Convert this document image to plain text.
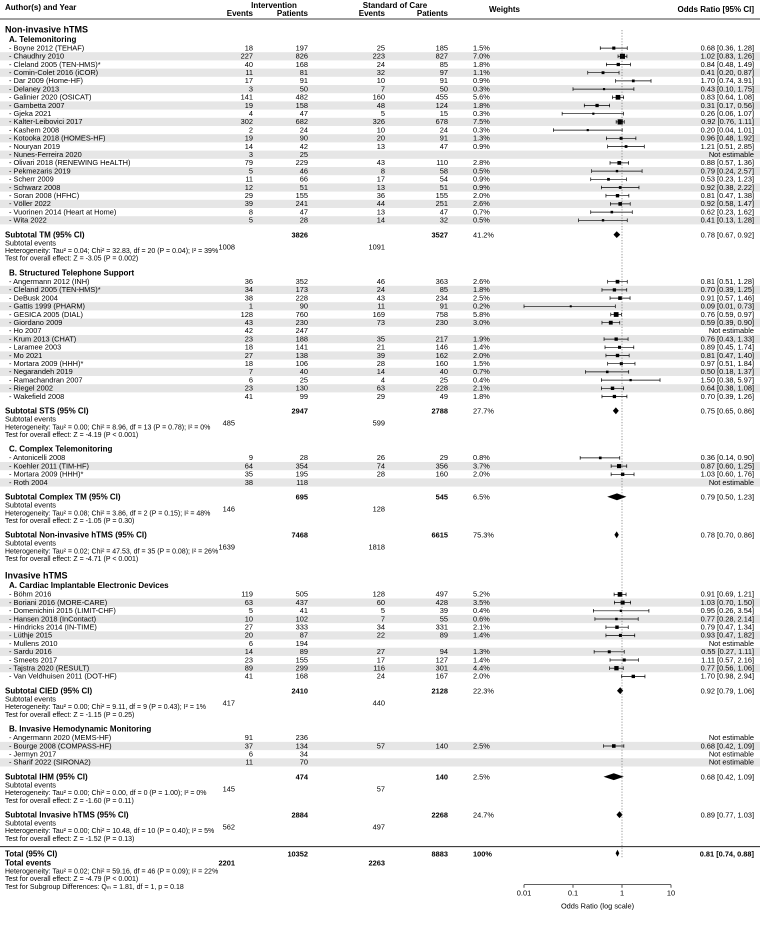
Author(s) and Year	Intervention	Standard of Care
Events	Patients	Events	Patients	Weights	Odds Ratio [95% CI]
Non-invasive hTMS
A. Telemonitoring
- Boyne 2012 (TEHAF)	18	197	25	185	1.5%	0.68 [0.36, 1.28]
- Chaudhry 2010	227	826	223	827	7.0%	1.02 [0.83, 1.26]
- Cleland 2005 (TEN-HMS)*	40	168	24	85	1.8%	0.84 [0.48, 1.49]
- Comin-Colet 2016 (iCOR)	11	81	32	97	1.1%	0.41 [0.20, 0.87]
- Dar 2009 (Home-HF)	17	91	10	91	0.9%	1.70 [0.74, 3.91]
- Delaney 2013	3	50	7	50	0.3%	0.43 [0.10, 1.75]
- Galinier 2020 (OSICAT)	141	482	160	455	5.6%	0.83 [0.64, 1.08]
- Gambetta 2007	19	158	48	124	1.8%	0.31 [0.17, 0.56]
- Gjeka 2021	4	47	5	15	0.3%	0.26 [0.06, 1.07]
- Kalter-Leibovici 2017	302	682	326	678	7.5%	0.92 [0.76, 1.11]
- Kashem 2008	2	24	10	24	0.3%	0.20 [0.04, 1.01]
- Kotooka 2018 (HOMES-HF)	19	90	20	91	1.3%	0.96 [0.48, 1.92]
- Nouryan 2019	14	42	13	47	0.9%	1.21 [0.51, 2.85]
- Nunes-Ferreira 2020	3	25	Not estimable
- Olivari 2018 (RENEWING HeALTH)	79	229	43	110	2.8%	0.88 [0.57, 1.36]
- Pekmezaris 2019	5	46	8	58	0.5%	0.79 [0.24, 2.57]
- Scherr 2009	11	66	17	54	0.9%	0.53 [0.23, 1.23]
- Schwarz 2008	12	51	13	51	0.9%	0.92 [0.38, 2.22]
- Soran 2008 (HFHC)	29	155	36	155	2.0%	0.81 [0.47, 1.38]
- Völler 2022	39	241	44	251	2.6%	0.92 [0.58, 1.47]
- Vuorinen 2014 (Heart at Home)	8	47	13	47	0.7%	0.62 [0.23, 1.62]
- Wita 2022	5	28	14	32	0.5%	0.41 [0.13, 1.28]
Subtotal TM (95% CI)	3826	3527	41.2%	0.78 [0.67, 0.92]
Subtotal events	1008	1091
Heterogeneity: Tau² = 0.04; Chi² = 32.83, df = 20 (P = 0.04); I² = 39%
Test for overall effect: Z = -3.05 (P = 0.002)
B. Structured Telephone Support
- Angermann 2012 (INH)	36	352	46	363	2.6%	0.81 [0.51, 1.28]
- Cleland 2005 (TEN-HMS)*	34	173	24	85	1.8%	0.70 [0.39, 1.25]
- DeBusk 2004	38	228	43	234	2.5%	0.91 [0.57, 1.46]
- Gattis 1999 (PHARM)	1	90	11	91	0.2%	0.09 [0.01, 0.73]
- GESICA 2005 (DIAL)	128	760	169	758	5.8%	0.76 [0.59, 0.97]
- Giordano 2009	43	230	73	230	3.0%	0.59 [0.39, 0.90]
- Ho 2007	42	247	Not estimable
- Krum 2013 (CHAT)	23	188	35	217	1.9%	0.76 [0.43, 1.33]
- Laramee 2003	18	141	21	146	1.4%	0.89 [0.45, 1.74]
- Mo 2021	27	138	39	162	2.0%	0.81 [0.47, 1.40]
- Mortara 2009 (HHH)*	18	106	28	160	1.5%	0.97 [0.51, 1.84]
- Negarandeh 2019	7	40	14	40	0.7%	0.50 [0.18, 1.37]
- Ramachandran 2007	6	25	4	25	0.4%	1.50 [0.38, 5.97]
- Riegel 2002	23	130	63	228	2.1%	0.64 [0.38, 1.08]
- Wakefield 2008	41	99	29	49	1.8%	0.70 [0.39, 1.26]
Subtotal STS (95% CI)	2947	2788	27.7%	0.75 [0.65, 0.86]
Subtotal events	485	599
Heterogeneity: Tau² = 0.00; Chi² = 8.96, df = 13 (P = 0.78); I² = 0%
Test for overall effect: Z = -4.19 (P < 0.001)
C. Complex Telemonitoring
- Antonicelli 2008	9	28	26	29	0.8%	0.36 [0.14, 0.90]
- Koehler 2011 (TIM-HF)	64	354	74	356	3.7%	0.87 [0.60, 1.25]
- Mortara 2009 (HHH)*	35	195	28	160	2.0%	1.03 [0.60, 1.76]
- Roth 2004	38	118	Not estimable
Subtotal Complex TM (95% CI)	695	545	6.5%	0.79 [0.50, 1.23]
Subtotal events	146	128
Heterogeneity: Tau² = 0.08; Chi² = 3.86, df = 2 (P = 0.15); I² = 48%
Test for overall effect: Z = -1.05 (P = 0.30)
Subtotal Non-invasive hTMS (95% CI)	7468	6615	75.3%	0.78 [0.70, 0.86]
Subtotal events	1639	1818
Heterogeneity: Tau² = 0.02; Chi² = 47.53, df = 35 (P = 0.08); I² = 26%
Test for overall effect: Z = -4.71 (P < 0.001)
Invasive hTMS
A. Cardiac Implantable Electronic Devices
- Böhm 2016	119	505	128	497	5.2%	0.91 [0.69, 1.21]
- Boriani 2016 (MORE-CARE)	63	437	60	428	3.5%	1.03 [0.70, 1.50]
- Domenichini 2015 (LIMIT-CHF)	5	41	5	39	0.4%	0.95 [0.26, 3.54]
- Hansen 2018 (InContact)	10	102	7	55	0.6%	0.77 [0.28, 2.14]
- Hindricks 2014 (IN-TIME)	27	333	34	331	2.1%	0.79 [0.47, 1.34]
- Lüthje 2015	20	87	22	89	1.4%	0.93 [0.47, 1.82]
- Mullens 2010	6	194	Not estimable
- Sardu 2016	14	89	27	94	1.3%	0.55 [0.27, 1.11]
- Smeets 2017	23	155	17	127	1.4%	1.11 [0.57, 2.16]
- Tajstra 2020 (RESULT)	89	299	116	301	4.4%	0.77 [0.56, 1.06]
- Van Veldhuisen 2011 (DOT-HF)	41	168	24	167	2.0%	1.70 [0.98, 2.94]
Subtotal CIED (95% CI)	2410	2128	22.3%	0.92 [0.79, 1.06]
Subtotal events	417	440
Heterogeneity: Tau² = 0.00; Chi² = 9.11, df = 9 (P = 0.43); I² = 1%
Test for overall effect: Z = -1.15 (P = 0.25)
B. Invasive Hemodynamic Monitoring
- Angermann 2020 (MEMS-HF)	91	236	Not estimable
- Bourge 2008 (COMPASS-HF)	37	134	57	140	2.5%	0.68 [0.42, 1.09]
- Jermyn 2017	6	34	Not estimable
- Sharif 2022 (SIRONA2)	11	70	Not estimable
Subtotal IHM (95% CI)	474	140	2.5%	0.68 [0.42, 1.09]
Subtotal events	145	57
Heterogeneity: Tau² = 0.00; Chi² = 0.00, df = 0 (P = 1.00); I² = 0%
Test for overall effect: Z = -1.60 (P = 0.11)
Subtotal Invasive hTMS (95% CI)	2884	2268	24.7%	0.89 [0.77, 1.03]
Subtotal events	562	497
Heterogeneity: Tau² = 0.00; Chi² = 10.48, df = 10 (P = 0.40); I² = 5%
Test for overall effect: Z = -1.52 (P = 0.13)
Total (95% CI)	10352	8883	100%	0.81 [0.74, 0.88]
Total events	2201	2263
Heterogeneity: Tau² = 0.02; Chi² = 59.16, df = 46 (P = 0.09); I² = 22%
Test for overall effect: Z = -4.79 (P < 0.001)
Test for Subgroup Differences: Qₘ = 1.81, df = 1, p = 0.18
0.01	0.1	1	10
Odds Ratio (log scale)
